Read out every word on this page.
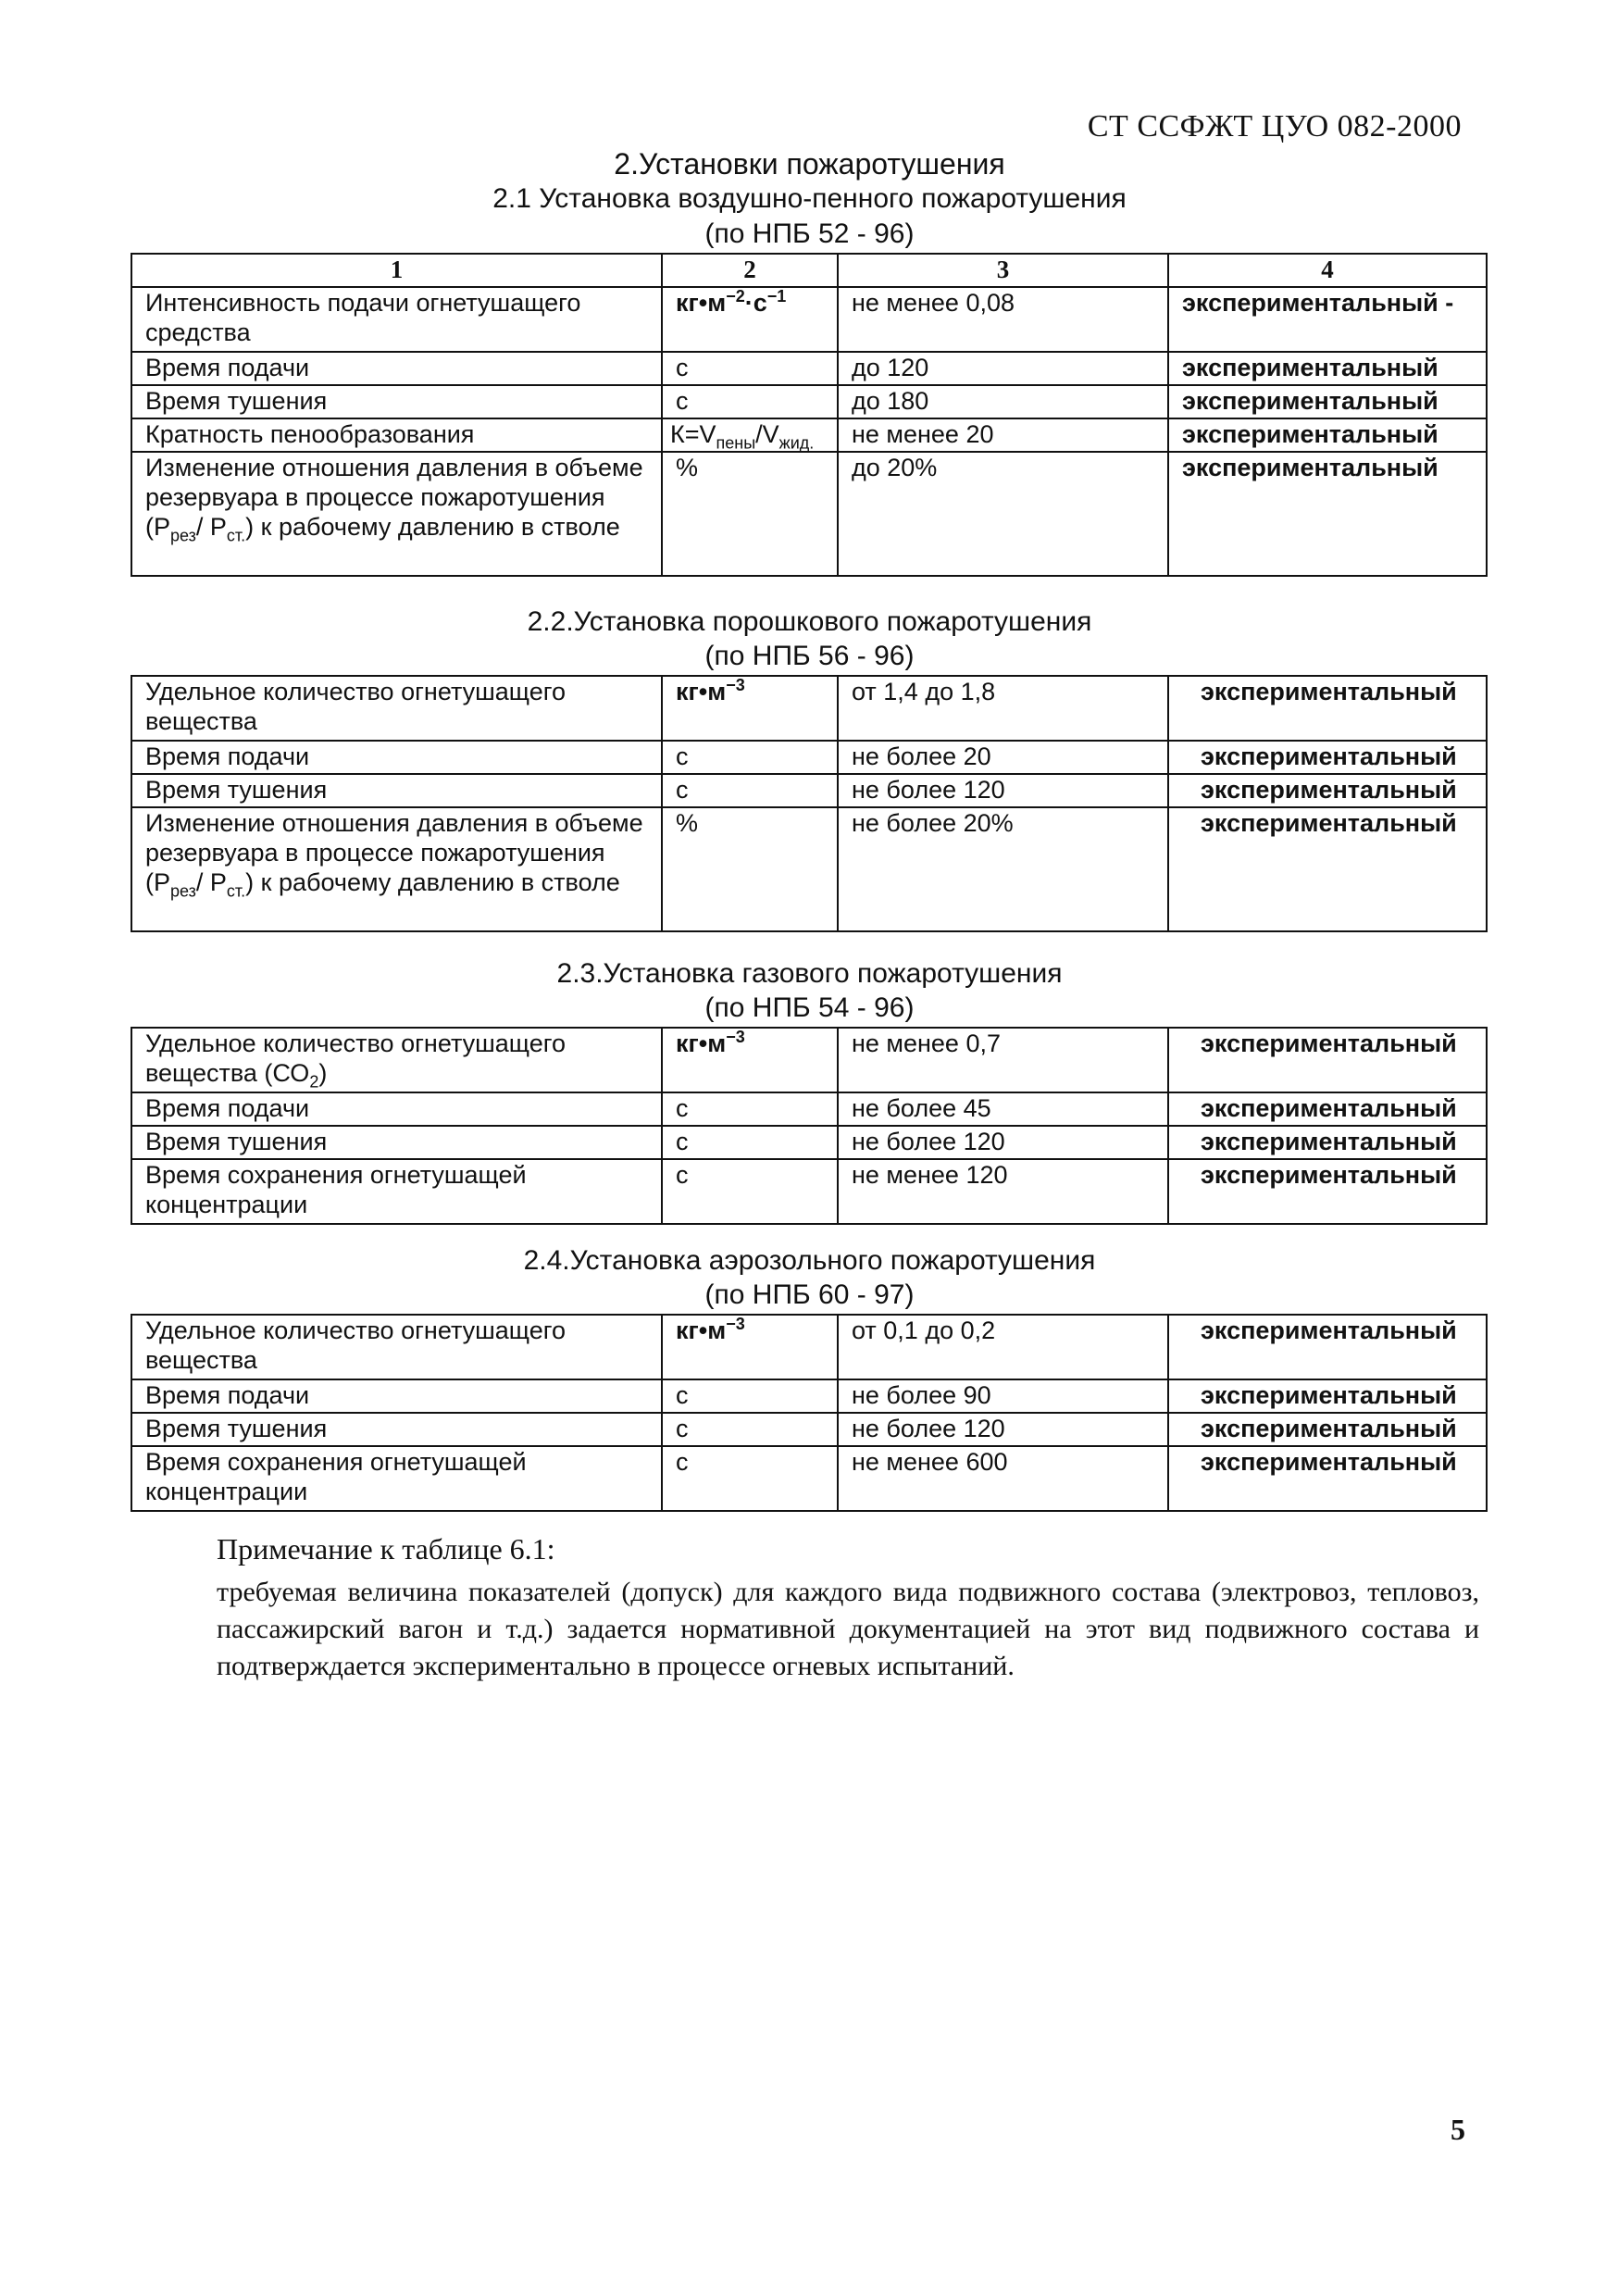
СТ ССФЖТ ЦУО 082-2000
2.Установки пожаротушения
2.1 Установка воздушно-пенного пожаротушения
(по НПБ 52 - 96)
1	2	3	4
Интенсивность подачи огнетушащего средства	$кг•м^{-2}\cdot с^{-1}$	не менее 0,08	экспериментальный -
Время подачи	с	до 120	экспериментальный
Время тушения	с	до 180	экспериментальный
Кратность пенообразования	$К=V_{пены}/V_{жид.}$	не менее 20	экспериментальный
Изменение отношения давления в объеме резервуара в процессе пожаротушения ($Р_{рез}/$ $Р_{ст.}$) к рабочему давлению в стволе	%	до 20%	экспериментальный
2.2.Установка порошкового пожаротушения
(по НПБ 56 - 96)
Удельное количество огнетушащего вещества	$кг•м^{-3}$	от 1,4 до 1,8	экспериментальный
Время подачи	с	не более 20	экспериментальный
Время тушения	с	не более 120	экспериментальный
Изменение отношения давления в объеме резервуара в процессе пожаротушения ($Р_{рез}/$ $Р_{ст.}$) к рабочему давлению в стволе	%	не более 20%	экспериментальный
2.3.Установка газового пожаротушения
(по НПБ 54 - 96)
Удельное количество огнетушащего вещества $(СО_2)$	$кг•м^{-3}$	не менее 0,7	экспериментальный
Время подачи	с	не более 45	экспериментальный
Время тушения	с	не более 120	экспериментальный
Время сохранения огнетушащей концентрации	с	не менее 120	экспериментальный
2.4.Установка аэрозольного пожаротушения
(по НПБ 60 - 97)
Удельное количество огнетушащего вещества	$кг•м^{-3}$	от 0,1 до 0,2	экспериментальный
Время подачи	с	не более 90	экспериментальный
Время тушения	с	не более 120	экспериментальный
Время сохранения огнетушащей концентрации	с	не менее 600	экспериментальный
Примечание к таблице 6.1:
требуемая величина показателей (допуск) для каждого вида подвижного состава (электровоз, тепловоз, пассажирский вагон и т.д.) задается нормативной документацией на этот вид подвижного состава и подтверждается экспериментально в процессе огневых испытаний.
5
